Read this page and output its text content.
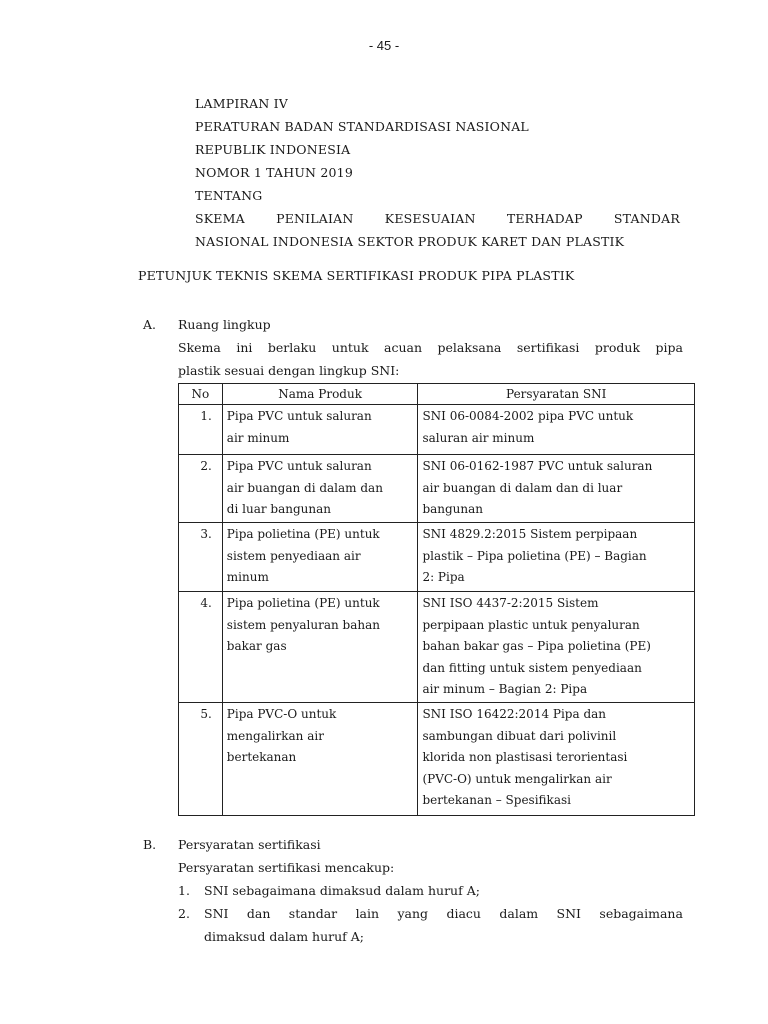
- 45 -
LAMPIRAN IV
PERATURAN BADAN STANDARDISASI NASIONAL
REPUBLIK INDONESIA
NOMOR 1 TAHUN 2019
TENTANG
SKEMA PENILAIAN KESESUAIAN TERHADAP STANDAR
NASIONAL INDONESIA SEKTOR PRODUK KARET DAN PLASTIK
PETUNJUK TEKNIS SKEMA SERTIFIKASI PRODUK PIPA PLASTIK
A. Ruang lingkup
Skema ini berlaku untuk acuan pelaksana sertifikasi produk pipa
plastik sesuai dengan lingkup SNI:
No	Nama Produk	Persyaratan SNI
1.	Pipa PVC untuk saluran
air minum	SNI 06-0084-2002 pipa PVC untuk
saluran air minum

2.	Pipa PVC untuk saluran
air buangan di dalam dan
di luar bangunan	SNI 06-0162-1987 PVC untuk saluran
air buangan di dalam dan di luar
bangunan

3.	Pipa polietina (PE) untuk
sistem penyediaan air
minum	SNI 4829.2:2015 Sistem perpipaan
plastik – Pipa polietina (PE) – Bagian
2: Pipa

4.	Pipa polietina (PE) untuk
sistem penyaluran bahan
bakar gas	SNI ISO 4437-2:2015 Sistem
perpipaan plastic untuk penyaluran
bahan bakar gas – Pipa polietina (PE)
dan fitting untuk sistem penyediaan
air minum – Bagian 2: Pipa

5.	Pipa PVC-O untuk
mengalirkan air
bertekanan	SNI ISO 16422:2014 Pipa dan
sambungan dibuat dari polivinil
klorida non plastisasi terorientasi
(PVC-O) untuk mengalirkan air
bertekanan – Spesifikasi
B. Persyaratan sertifikasi
Persyaratan sertifikasi mencakup:
1. SNI sebagaimana dimaksud dalam huruf A;
2. SNI dan standar lain yang diacu dalam SNI sebagaimana
dimaksud dalam huruf A;
